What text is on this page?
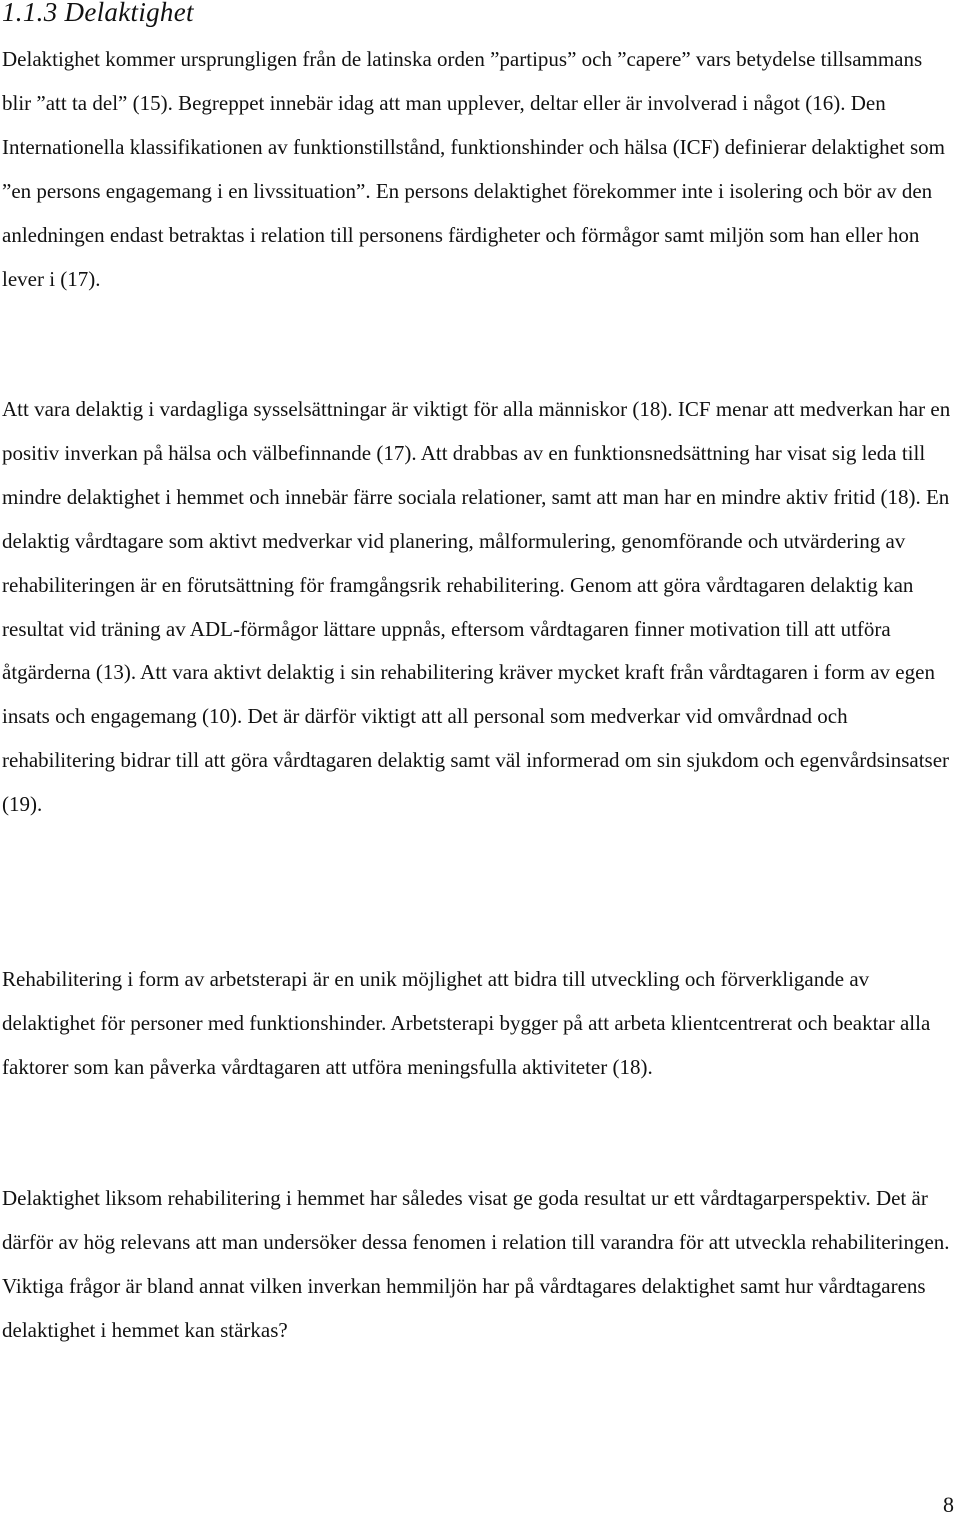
1.1.3 Delaktighet

Delaktighet kommer ursprungligen från de latinska orden ”partipus” och ”capere” vars betydelse tillsammans blir ”att ta del” (15). Begreppet innebär idag att man upplever, deltar eller är involverad i något (16). Den Internationella klassifikationen av funktionstillstånd, funktionshinder och hälsa (ICF) definierar delaktighet som ”en persons engagemang i en livssituation”. En persons delaktighet förekommer inte i isolering och bör av den anledningen endast betraktas i relation till personens färdigheter och förmågor samt miljön som han eller hon lever i (17).

Att vara delaktig i vardagliga sysselsättningar är viktigt för alla människor (18). ICF menar att medverkan har en positiv inverkan på hälsa och välbefinnande (17). Att drabbas av en funktionsnedsättning har visat sig leda till mindre delaktighet i hemmet och innebär färre sociala relationer, samt att man har en mindre aktiv fritid (18). En delaktig vårdtagare som aktivt medverkar vid planering, målformulering, genomförande och utvärdering av rehabiliteringen är en förutsättning för framgångsrik rehabilitering. Genom att göra vårdtagaren delaktig kan resultat vid träning av ADL-förmågor lättare uppnås, eftersom vårdtagaren finner motivation till att utföra åtgärderna (13). Att vara aktivt delaktig i sin rehabilitering kräver mycket kraft från vårdtagaren i form av egen insats och engagemang (10). Det är därför viktigt att all personal som medverkar vid omvårdnad och rehabilitering bidrar till att göra vårdtagaren delaktig samt väl informerad om sin sjukdom och egenvårdsinsatser (19).

Rehabilitering i form av arbetsterapi är en unik möjlighet att bidra till utveckling och förverkligande av delaktighet för personer med funktionshinder. Arbetsterapi bygger på att arbeta klientcentrerat och beaktar alla faktorer som kan påverka vårdtagaren att utföra meningsfulla aktiviteter (18).

Delaktighet liksom rehabilitering i hemmet har således visat ge goda resultat ur ett vårdtagarperspektiv. Det är därför av hög relevans att man undersöker dessa fenomen i relation till varandra för att utveckla rehabiliteringen. Viktiga frågor är bland annat vilken inverkan hemmiljön har på vårdtagares delaktighet samt hur vårdtagarens delaktighet i hemmet kan stärkas?

8
